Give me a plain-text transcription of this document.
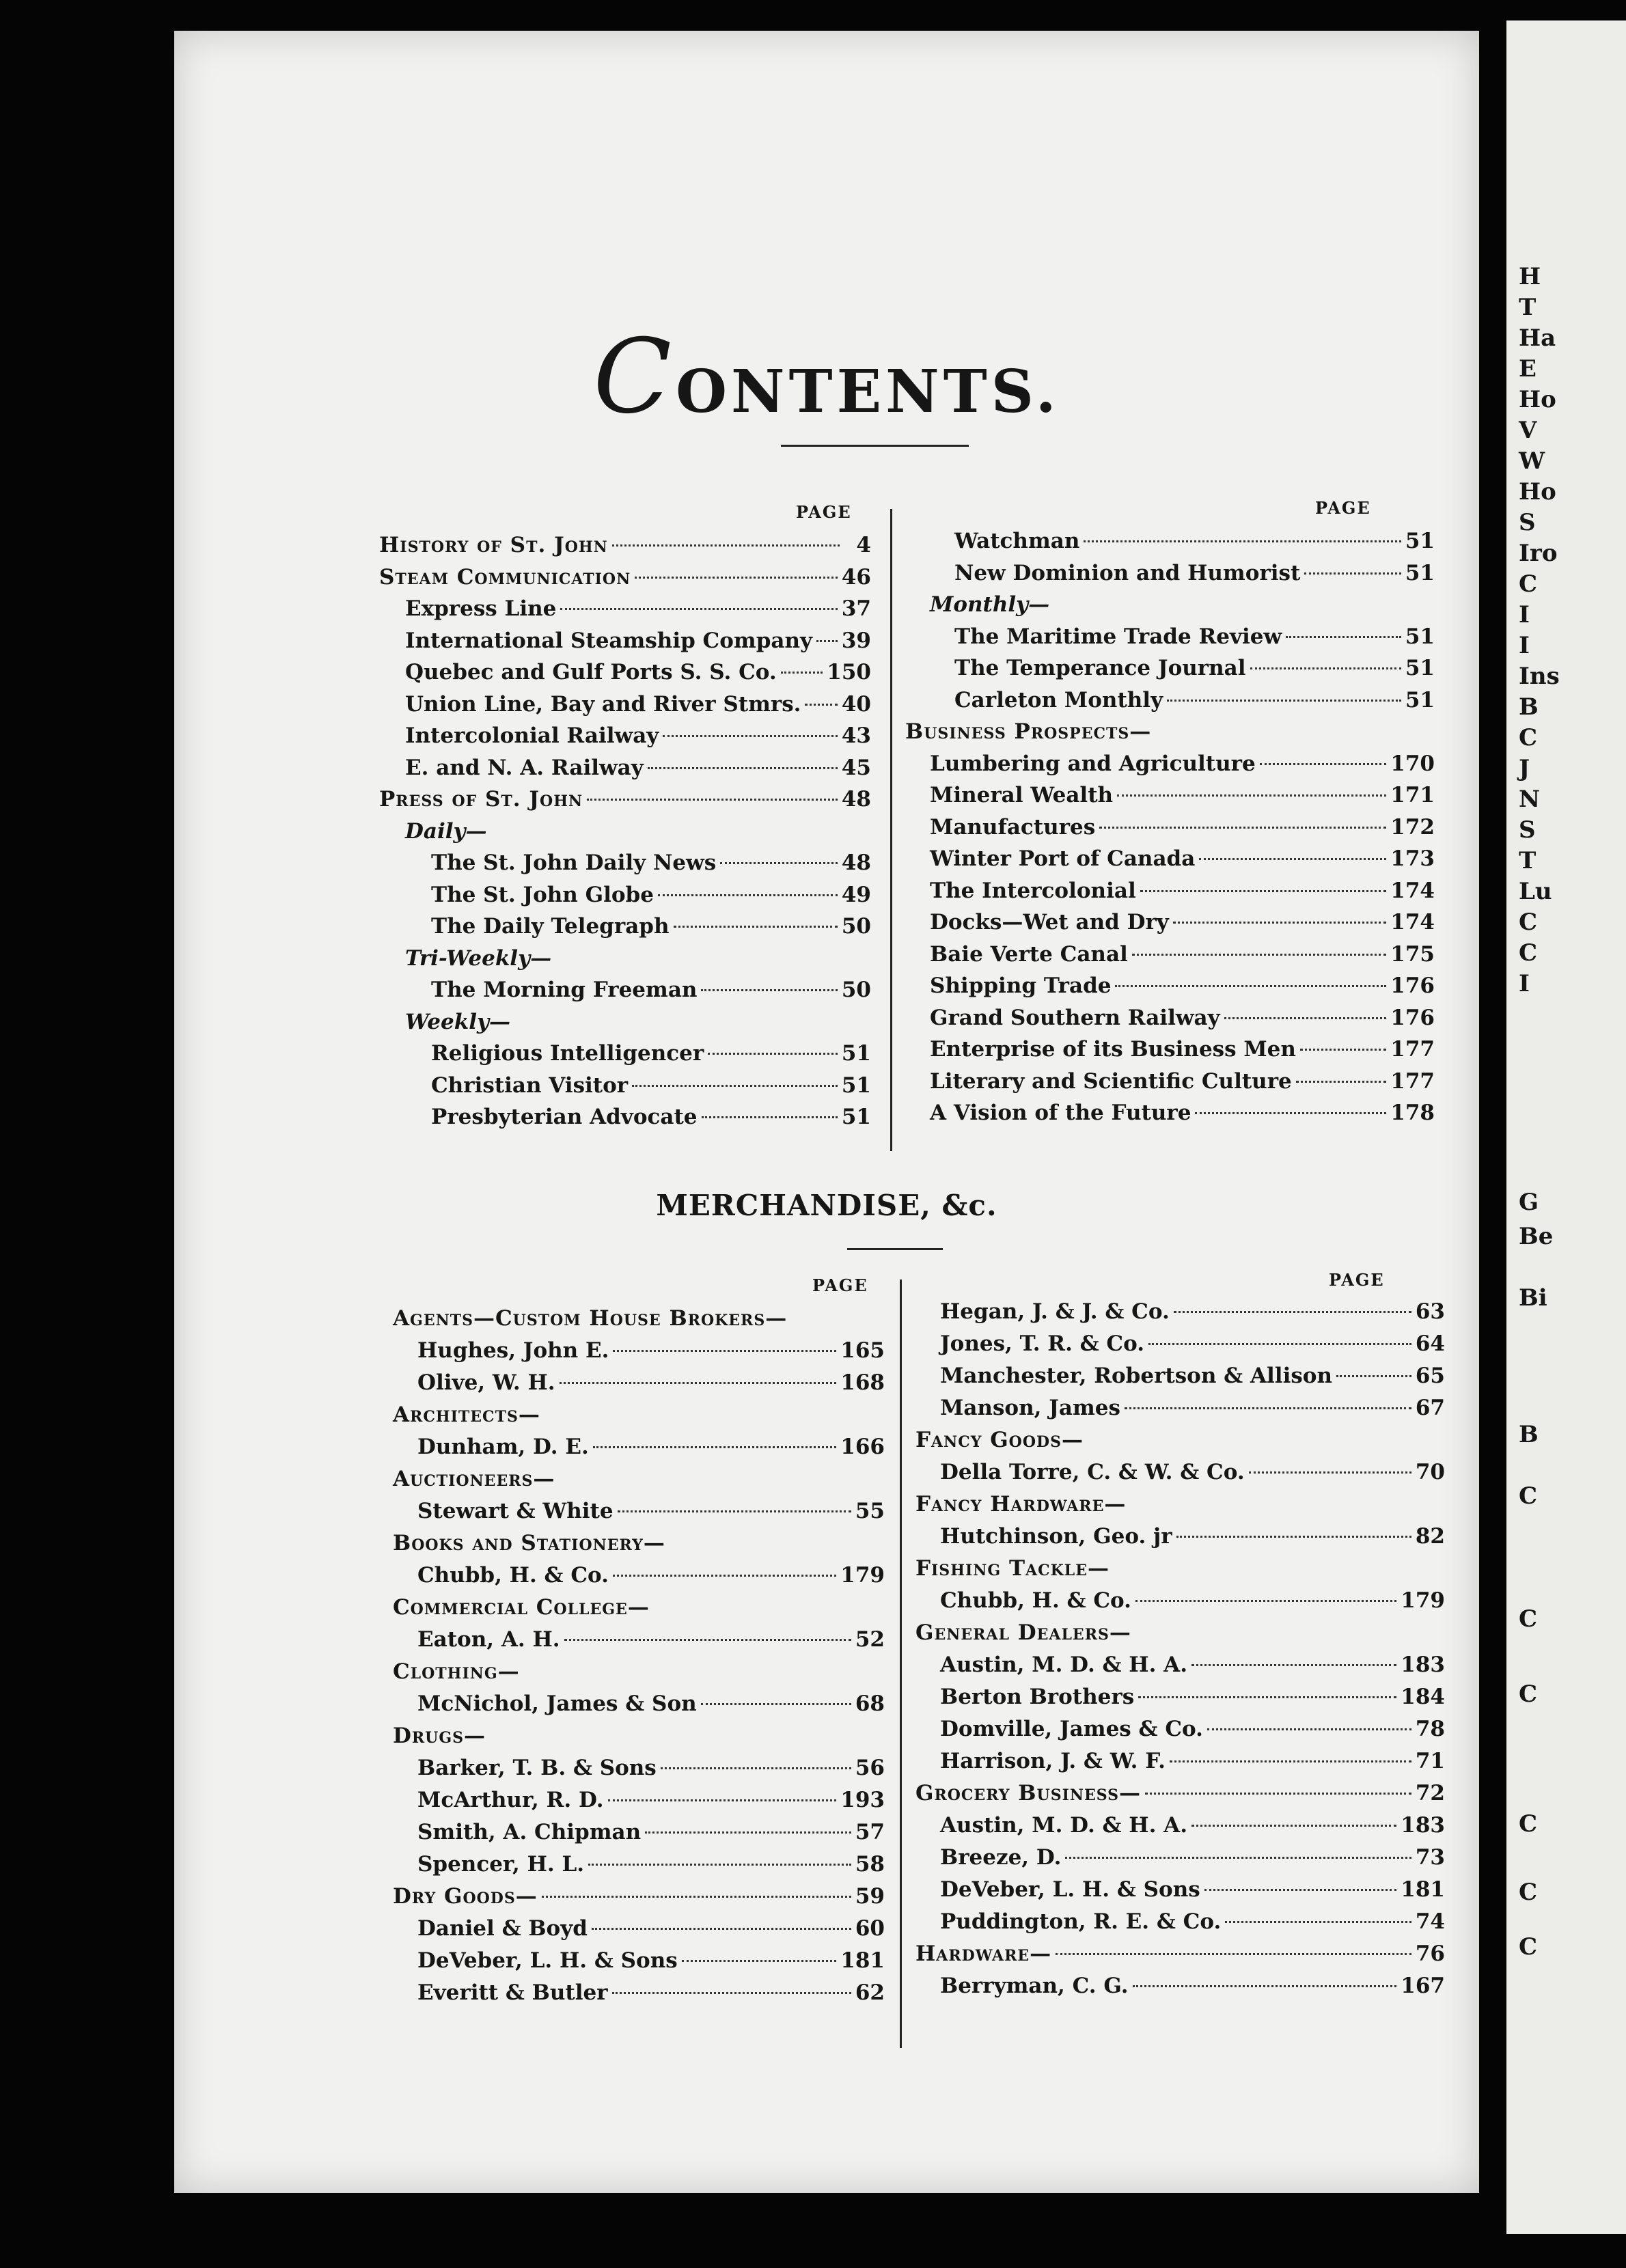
H
T
Ha
E
Ho
V
W
Ho
S
Iro
C
I
I
Ins
B
C
J
N
S
T
Lu
C
C
I
G
Be
Bi
B
C
C
C
C
C
C
CONTENTS.
PAGE	PAGE
History of St. John	4
Steam Communication	46
Express Line	37
International Steamship Company 39
Quebec and Gulf Ports S. S. Co. 150
Union Line, Bay and River Stmrs. 40
Intercolonial Railway	43
E. and N. A. Railway	45
Press of St. John	48
Daily—
The St. John Daily News	48
The St. John Globe	49
The Daily Telegraph	50
Tri-Weekly—
The Morning Freeman	50
Weekly—
Religious Intelligencer	51
Christian Visitor	51
Presbyterian Advocate	51
Watchman	51
New Dominion and Humorist	51
Monthly—
The Maritime Trade Review	51
The Temperance Journal	51
Carleton Monthly	51
Business Prospects—
Lumbering and Agriculture	170
Mineral Wealth	171
Manufactures	172
Winter Port of Canada	173
The Intercolonial	174
Docks—Wet and Dry	174
Baie Verte Canal	175
Shipping Trade	176
Grand Southern Railway	176
Enterprise of its Business Men	177
Literary and Scientific Culture	177
A Vision of the Future	178
MERCHANDISE, &c.
PAGE	PAGE
Agents—Custom House Brokers—
Hughes, John E.	165
Olive, W. H.	168
Architects—
Dunham, D. E.	166
Auctioneers—
Stewart & White	55
Books and Stationery—
Chubb, H. & Co.	179
Commercial College—
Eaton, A. H.	52
Clothing—
McNichol, James & Son	68
Drugs—
Barker, T. B. & Sons	56
McArthur, R. D.	193
Smith, A. Chipman	57
Spencer, H. L.	58
Dry Goods—	59
Daniel & Boyd	60
DeVeber, L. H. & Sons	181
Everitt & Butler	62
Hegan, J. & J. & Co.	63
Jones, T. R. & Co.	64
Manchester, Robertson & Allison	65
Manson, James	67
Fancy Goods—
Della Torre, C. & W. & Co.	70
Fancy Hardware—
Hutchinson, Geo. jr	82
Fishing Tackle—
Chubb, H. & Co.	179
General Dealers—
Austin, M. D. & H. A.	183
Berton Brothers	184
Domville, James & Co.	78
Harrison, J. & W. F.	71
Grocery Business—	72
Austin, M. D. & H. A.	183
Breeze, D.	73
DeVeber, L. H. & Sons	181
Puddington, R. E. & Co.	74
Hardware—	76
Berryman, C. G.	167
